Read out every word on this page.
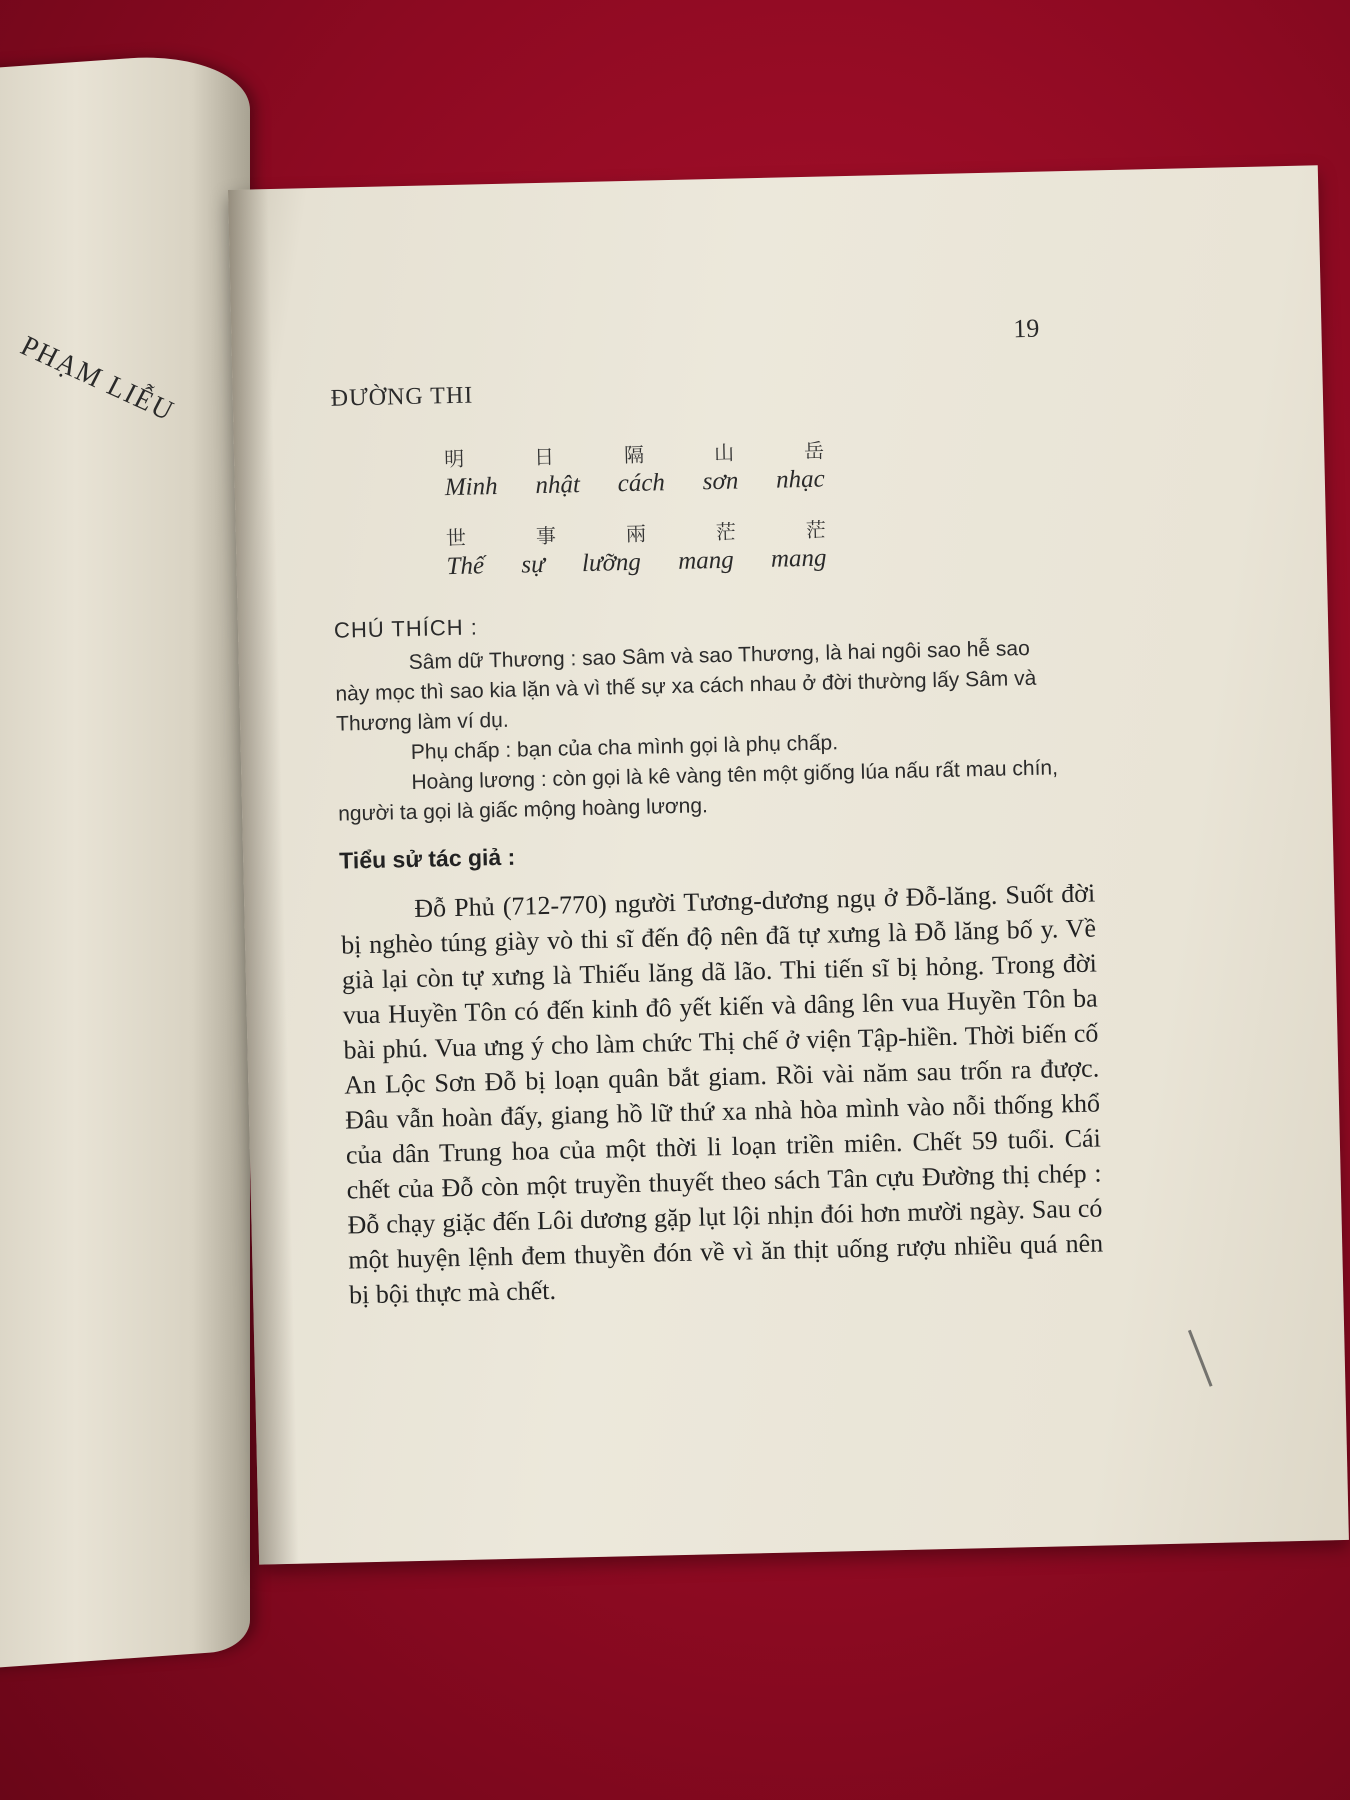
PHẠM LIỄU
19
ĐƯỜNG THI
明	日	隔	山	岳
Minh nhật cách sơn nhạc
世	事	兩	茫	茫
Thế sự lưỡng mang mang
CHÚ THÍCH :

Sâm dữ Thương : sao Sâm và sao Thương, là hai ngôi sao hễ sao này mọc thì sao kia lặn và vì thế sự xa cách nhau ở đời thường lấy Sâm và Thương làm ví dụ.

Phụ chấp : bạn của cha mình gọi là phụ chấp.

Hoàng lương : còn gọi là kê vàng tên một giống lúa nấu rất mau chín, người ta gọi là giấc mộng hoàng lương.

Tiểu sử tác giả :

Đỗ Phủ (712-770) người Tương-dương ngụ ở Đỗ-lăng. Suốt đời bị nghèo túng giày vò thi sĩ đến độ nên đã tự xưng là Đỗ lăng bố y. Về già lại còn tự xưng là Thiếu lăng dã lão. Thi tiến sĩ bị hỏng. Trong đời vua Huyền Tôn có đến kinh đô yết kiến và dâng lên vua Huyền Tôn ba bài phú. Vua ưng ý cho làm chức Thị chế ở viện Tập-hiền. Thời biến cố An Lộc Sơn Đỗ bị loạn quân bắt giam. Rồi vài năm sau trốn ra được. Đâu vẫn hoàn đấy, giang hồ lữ thứ xa nhà hòa mình vào nỗi thống khổ của dân Trung hoa của một thời li loạn triền miên. Chết 59 tuổi. Cái chết của Đỗ còn một truyền thuyết theo sách Tân cựu Đường thị chép : Đỗ chạy giặc đến Lôi dương gặp lụt lội nhịn đói hơn mười ngày. Sau có một huyện lệnh đem thuyền đón về vì ăn thịt uống rượu nhiều quá nên bị bội thực mà chết.
